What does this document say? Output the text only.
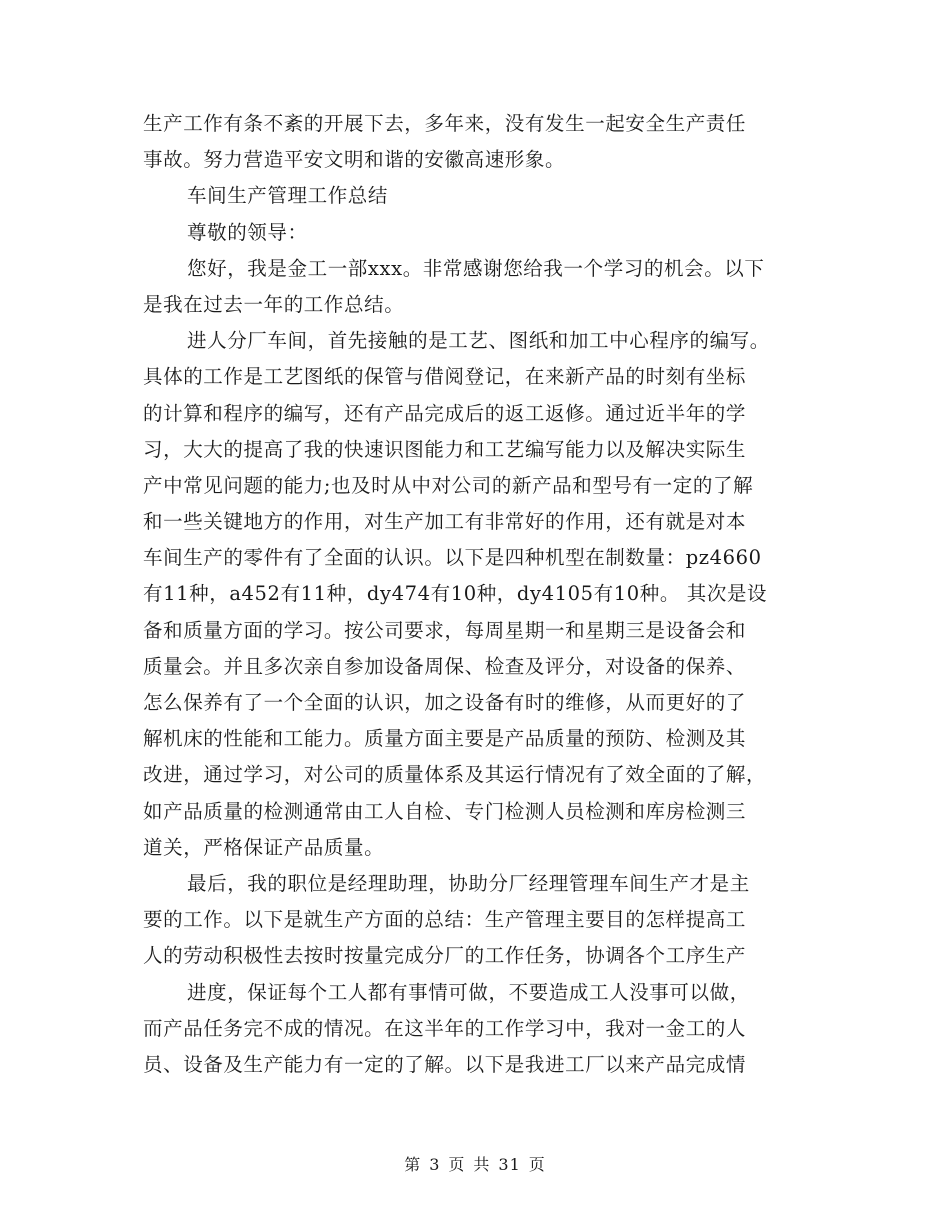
生产工作有条不紊的开展下去，多年来，没有发生一起安全生产责任
事故。努力营造平安文明和谐的安徽高速形象。
车间生产管理工作总结
尊敬的领导：
您好，我是金工一部xxx。非常感谢您给我一个学习的机会。以下
是我在过去一年的工作总结。
进人分厂车间，首先接触的是工艺、图纸和加工中心程序的编写。
具体的工作是工艺图纸的保管与借阅登记，在来新产品的时刻有坐标
的计算和程序的编写，还有产品完成后的返工返修。通过近半年的学
习，大大的提高了我的快速识图能力和工艺编写能力以及解决实际生
产中常见问题的能力;也及时从中对公司的新产品和型号有一定的了解
和一些关键地方的作用，对生产加工有非常好的作用，还有就是对本
车间生产的零件有了全面的认识。以下是四种机型在制数量：pz4660
有11种，a452有11种，dy474有10种，dy4105有10种。 其次是设
备和质量方面的学习。按公司要求，每周星期一和星期三是设备会和
质量会。并且多次亲自参加设备周保、检查及评分，对设备的保养、
怎么保养有了一个全面的认识，加之设备有时的维修，从而更好的了
解机床的性能和工能力。质量方面主要是产品质量的预防、检测及其
改进，通过学习，对公司的质量体系及其运行情况有了效全面的了解，
如产品质量的检测通常由工人自检、专门检测人员检测和库房检测三
道关，严格保证产品质量。
最后，我的职位是经理助理，协助分厂经理管理车间生产才是主
要的工作。以下是就生产方面的总结：生产管理主要目的怎样提高工
人的劳动积极性去按时按量完成分厂的工作任务，协调各个工序生产
进度，保证每个工人都有事情可做，不要造成工人没事可以做，
而产品任务完不成的情况。在这半年的工作学习中，我对一金工的人
员、设备及生产能力有一定的了解。以下是我进工厂以来产品完成情
第 3 页 共 31 页
